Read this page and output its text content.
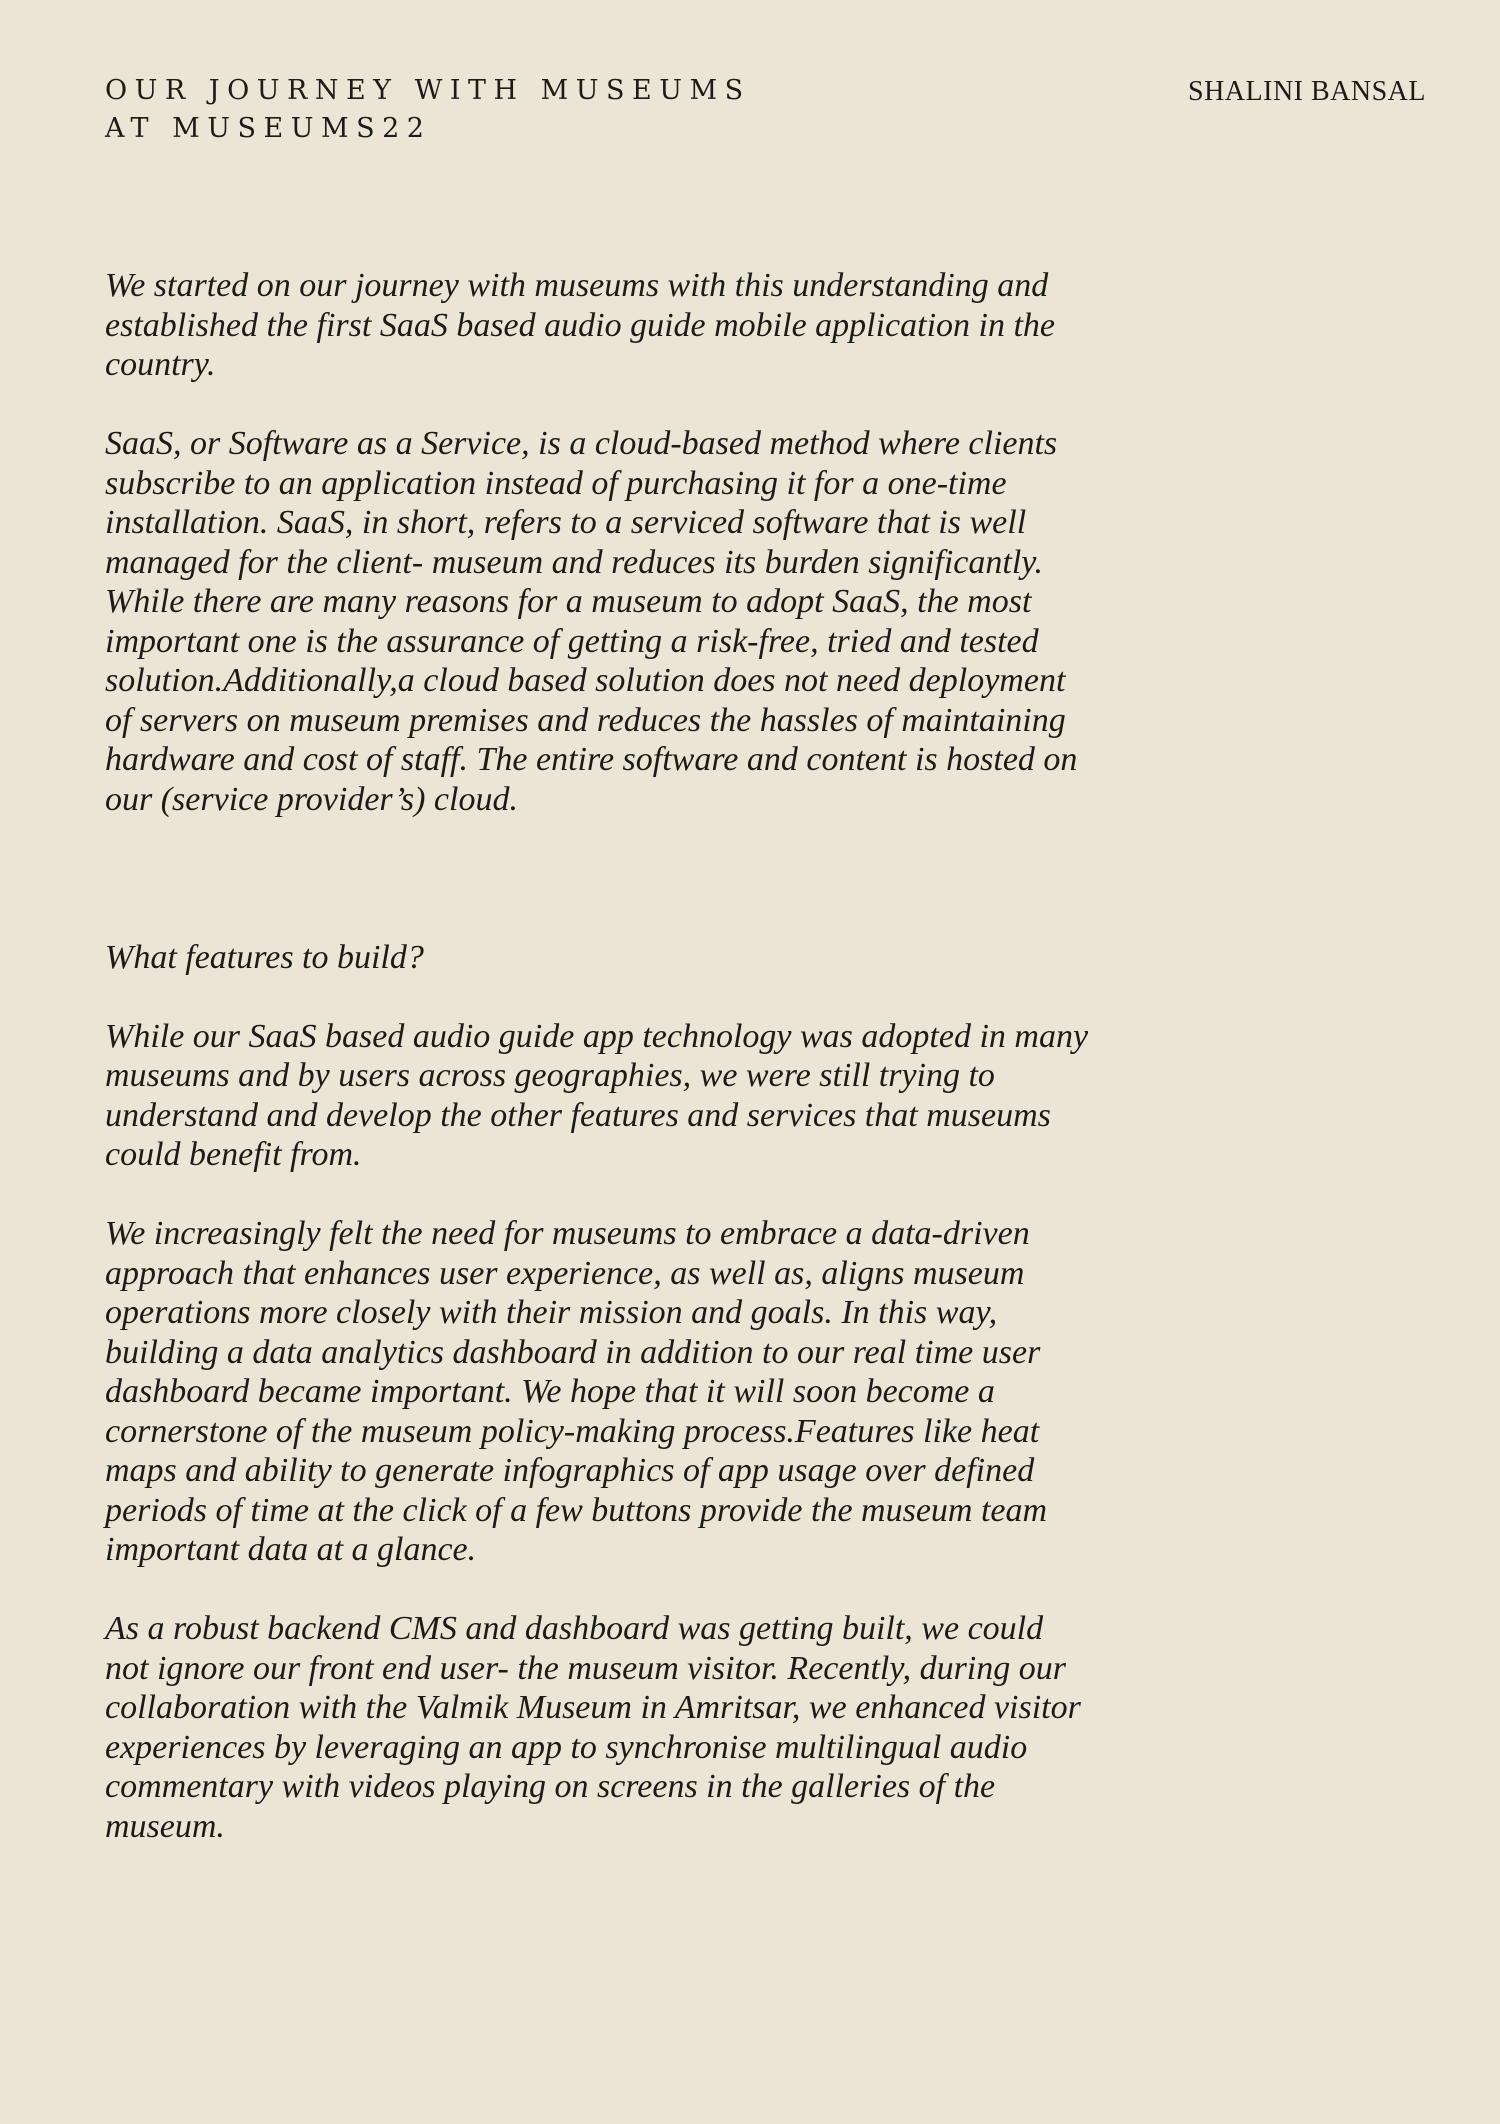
OUR JOURNEY WITH MUSEUMS
AT MUSEUMS22
SHALINI BANSAL

We started on our journey with museums with this understanding and established the first SaaS based audio guide mobile application in the country.

SaaS, or Software as a Service, is a cloud-based method where clients subscribe to an application instead of purchasing it for a one-time installation. SaaS, in short, refers to a serviced software that is well managed for the client- museum and reduces its burden significantly. While there are many reasons for a museum to adopt SaaS, the most important one is the assurance of getting a risk-free, tried and tested solution.Additionally,a cloud based solution does not need deployment of servers on museum premises and reduces the hassles of maintaining hardware and cost of staff. The entire software and content is hosted on our (service provider’s) cloud.

What features to build?

While our SaaS based audio guide app technology was adopted in many museums and by users across geographies, we were still trying to understand and develop the other features and services that museums could benefit from.

We increasingly felt the need for museums to embrace a data-driven approach that enhances user experience, as well as, aligns museum operations more closely with their mission and goals. In this way, building a data analytics dashboard in addition to our real time user dashboard became important. We hope that it will soon become a cornerstone of the museum policy-making process.Features like heat maps and ability to generate infographics of app usage over defined periods of time at the click of a few buttons provide the museum team important data at a glance.

As a robust backend CMS and dashboard was getting built, we could not ignore our front end user- the museum visitor. Recently, during our collaboration with the Valmik Museum in Amritsar, we enhanced visitor experiences by leveraging an app to synchronise multilingual audio commentary with videos playing on screens in the galleries of the museum.
